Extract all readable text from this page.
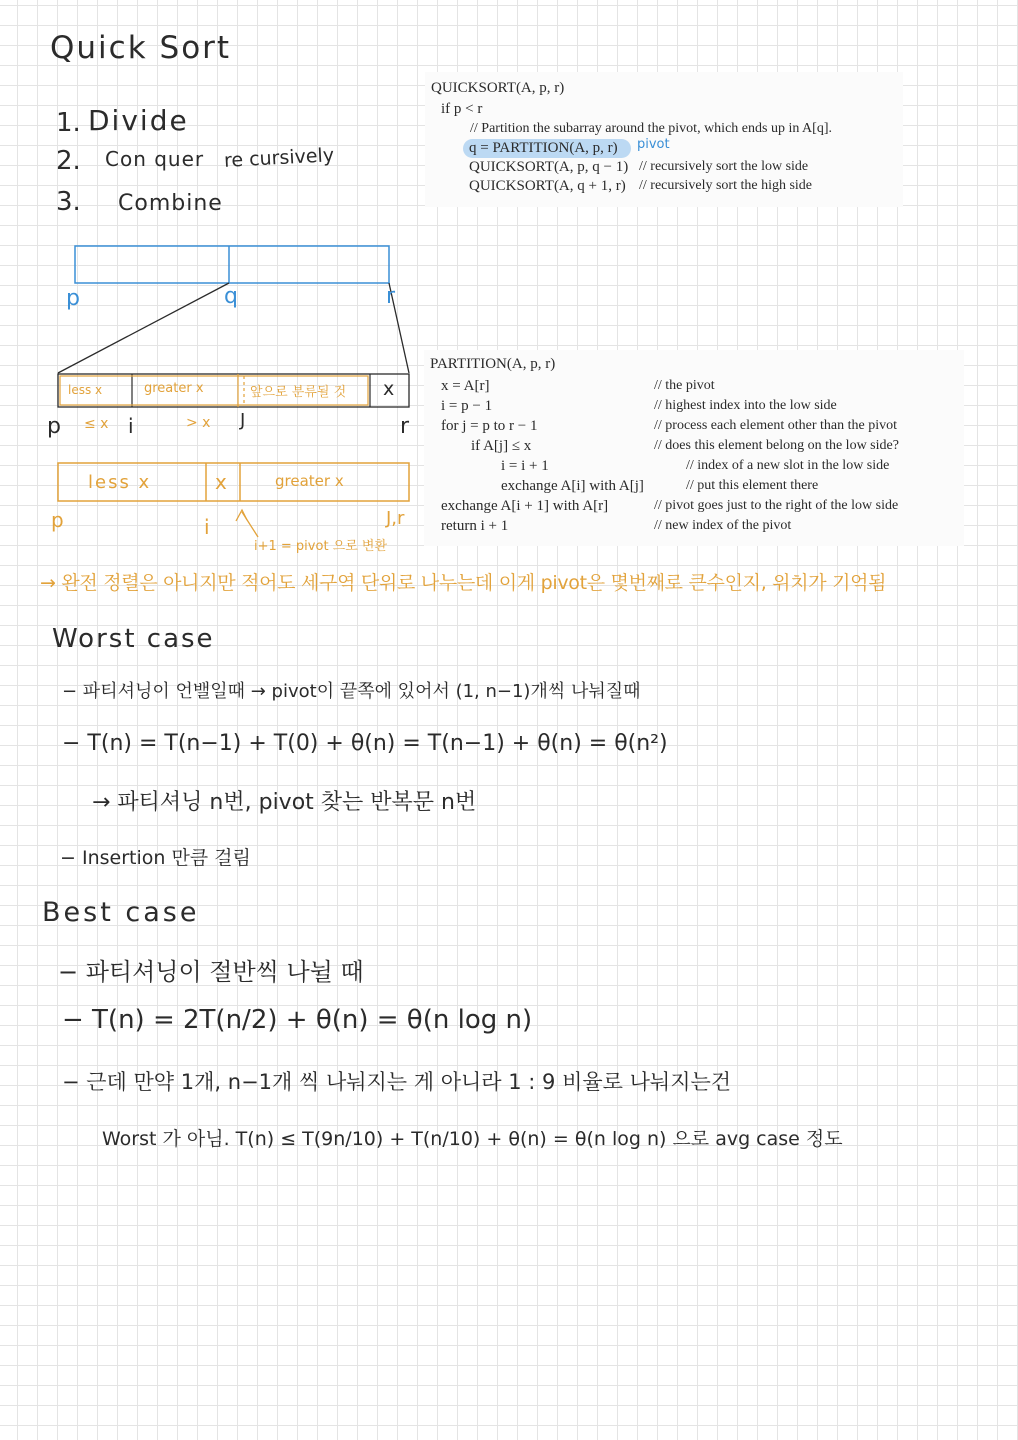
Quick Sort
1. Divide
2. Con quer re cursively
3. Combine
QUICKSORT(A, p, r)
if p < r
// Partition the subarray around the pivot, which ends up in A[q].
q = PARTITION(A, p, r) pivot
QUICKSORT(A, p, q − 1) // recursively sort the low side
QUICKSORT(A, q + 1, r) // recursively sort the high side
PARTITION(A, p, r)
x = A[r]
i = p − 1
for j = p to r − 1
if A[j] ≤ x
i = i + 1
exchange A[i] with A[j]
exchange A[i + 1] with A[r]
return i + 1
// the pivot
// highest index into the low side
// process each element other than the pivot
// does this element belong on the low side?
// index of a new slot in the low side
// put this element there
// pivot goes just to the right of the low side
// new index of the pivot
p	q	r
less x	greater x	앞으로 분류될 것 x
p ≤ x i	> x J	r
less x	x	greater x
p	i	J,r
i+1 = pivot 으로 변환
→ 완전 정렬은 아니지만 적어도 세구역 단위로 나누는데 이게 pivot은 몇번째로 큰수인지, 위치가 기억됨
Worst case
− 파티셔닝이 언밸일때 → pivot이 끝쪽에 있어서 (1, n−1)개씩 나눠질때
− T(n) = T(n−1) + T(0) + θ(n) = T(n−1) + θ(n) = θ(n²)
→ 파티셔닝 n번, pivot 찾는 반복문 n번
− Insertion 만큼 걸림
Best case
− 파티셔닝이 절반씩 나뉠 때
− T(n) = 2T(n/2) + θ(n) = θ(n log n)
− 근데 만약 1개, n−1개 씩 나눠지는 게 아니라 1 : 9 비율로 나눠지는건
Worst 가 아님. T(n) ≤ T(9n/10) + T(n/10) + θ(n) = θ(n log n) 으로 avg case 정도
